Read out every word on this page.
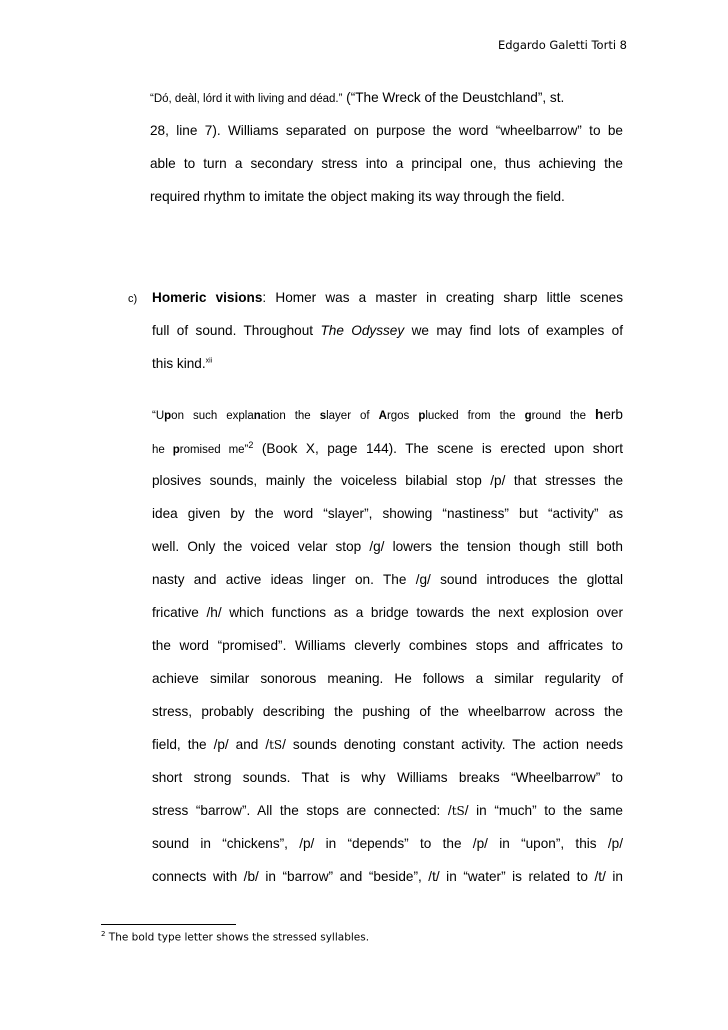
Edgardo Galetti Torti 8
“Dó, deàl, lórd it with living and déad.” (“The Wreck of the Deustchland”, st.
28, line 7). Williams separated on purpose the word “wheelbarrow” to be
able to turn a secondary stress into a principal one, thus achieving the
required rhythm to imitate the object making its way through the field.
c) Homeric visions: Homer was a master in creating sharp little scenes
full of sound. Throughout The Odyssey we may find lots of examples of
this kind.$^{xii}$
“Upon such explanation the slayer of Argos plucked from the ground the herb
he promised me”$^2$ (Book X, page 144). The scene is erected upon short
plosives sounds, mainly the voiceless bilabial stop /p/ that stresses the
idea given by the word “slayer”, showing “nastiness” but “activity” as
well. Only the voiced velar stop /g/ lowers the tension though still both
nasty and active ideas linger on. The /g/ sound introduces the glottal
fricative /h/ which functions as a bridge towards the next explosion over
the word “promised”. Williams cleverly combines stops and affricates to
achieve similar sonorous meaning. He follows a similar regularity of
stress, probably describing the pushing of the wheelbarrow across the
field, the /p/ and /tS/ sounds denoting constant activity. The action needs
short strong sounds. That is why Williams breaks “Wheelbarrow” to
stress “barrow”. All the stops are connected: /tS/ in “much” to the same
sound in “chickens”, /p/ in “depends” to the /p/ in “upon”, this /p/
connects with /b/ in “barrow” and “beside”, /t/ in “water” is related to /t/ in
$^2$ The bold type letter shows the stressed syllables.
